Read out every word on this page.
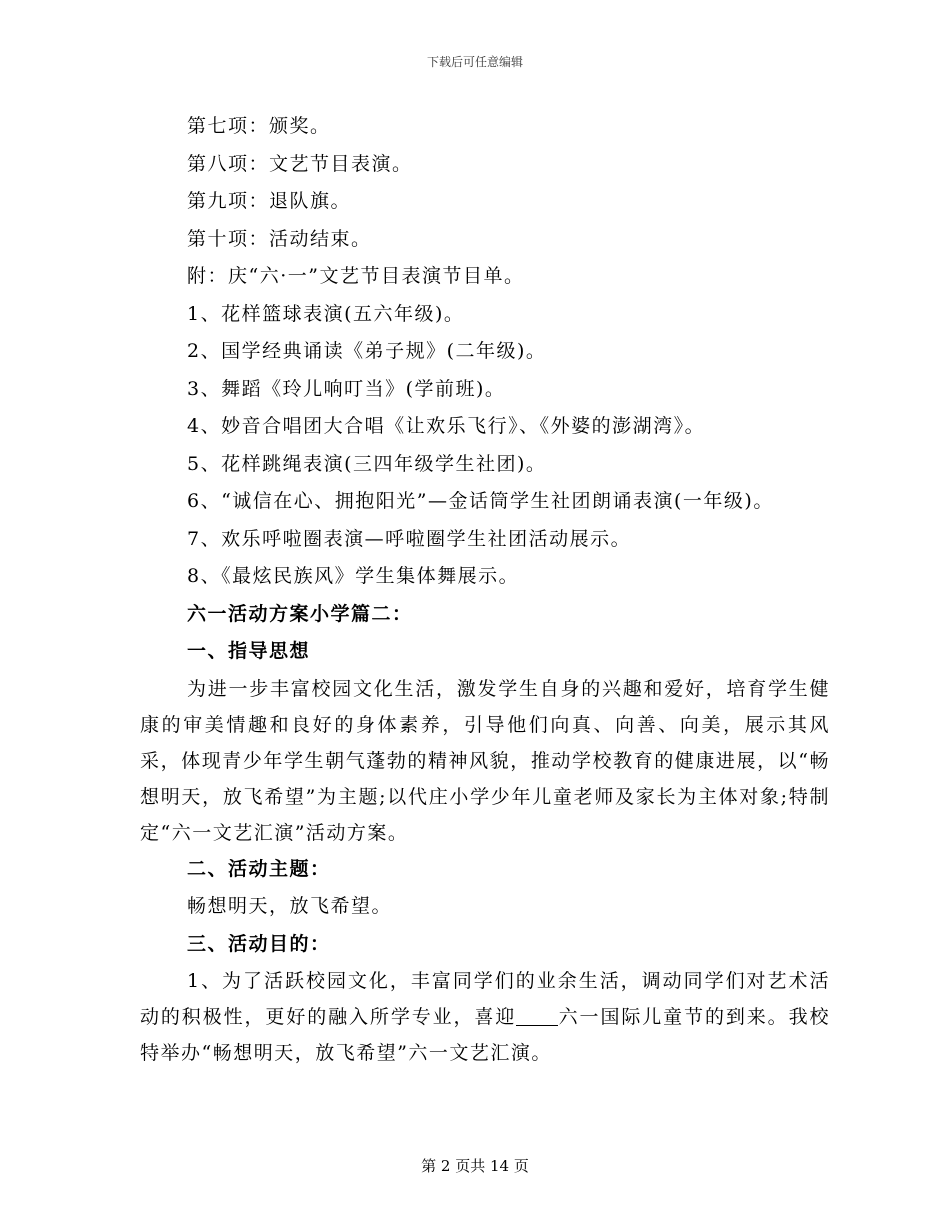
下载后可任意编辑
第七项：颁奖。
第八项：文艺节目表演。
第九项：退队旗。
第十项：活动结束。
附：庆“六·一”文艺节目表演节目单。
1、花样篮球表演(五六年级)。
2、国学经典诵读《弟子规》(二年级)。
3、舞蹈《玲儿响叮当》(学前班)。
4、妙音合唱团大合唱《让欢乐飞行》、《外婆的澎湖湾》。
5、花样跳绳表演(三四年级学生社团)。
6、“诚信在心、拥抱阳光”—金话筒学生社团朗诵表演(一年级)。
7、欢乐呼啦圈表演—呼啦圈学生社团活动展示。
8、《最炫民族风》学生集体舞展示。
六一活动方案小学篇二：
一、指导思想

为进一步丰富校园文化生活，激发学生自身的兴趣和爱好，培育学生健康的审美情趣和良好的身体素养，引导他们向真、向善、向美，展示其风采，体现青少年学生朝气蓬勃的精神风貌，推动学校教育的健康进展，以“畅想明天，放飞希望”为主题;以代庄小学少年儿童老师及家长为主体对象;特制定“六一文艺汇演”活动方案。

二、活动主题：
畅想明天，放飞希望。
三、活动目的：

1、为了活跃校园文化，丰富同学们的业余生活，调动同学们对艺术活动的积极性，更好的融入所学专业，喜迎 六一国际儿童节的到来。我校特举办“畅想明天，放飞希望”六一文艺汇演。

第 2 页共 14 页
